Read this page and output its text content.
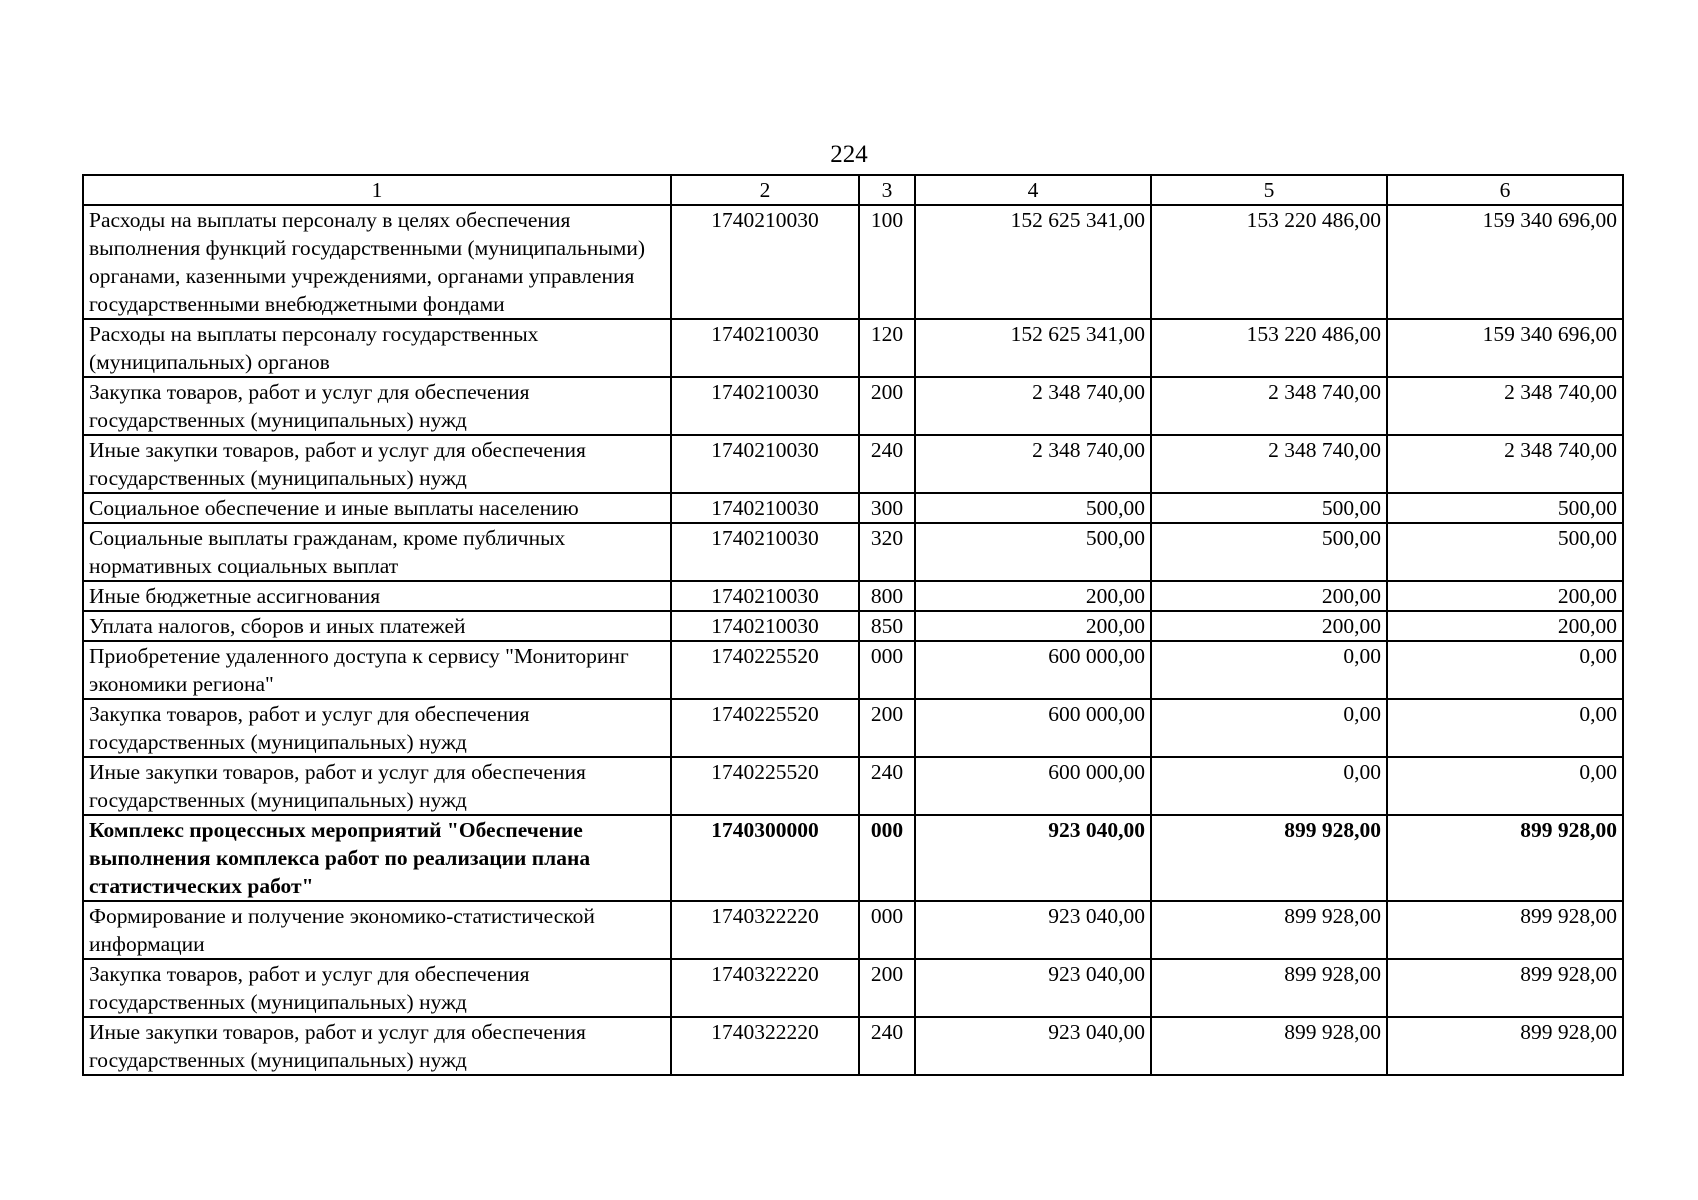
224
1	2	3	4	5	6
Расходы на выплаты персоналу в целях обеспечения выполнения функций государственными (муниципальными) органами, казенными учреждениями, органами управления государственными внебюджетными фондами	1740210030	100	152 625 341,00	153 220 486,00	159 340 696,00
Расходы на выплаты персоналу государственных (муниципальных) органов	1740210030	120	152 625 341,00	153 220 486,00	159 340 696,00
Закупка товаров, работ и услуг для обеспечения государственных (муниципальных) нужд	1740210030	200	2 348 740,00	2 348 740,00	2 348 740,00
Иные закупки товаров, работ и услуг для обеспечения государственных (муниципальных) нужд	1740210030	240	2 348 740,00	2 348 740,00	2 348 740,00
Социальное обеспечение и иные выплаты населению	1740210030	300	500,00	500,00	500,00
Социальные выплаты гражданам, кроме публичных нормативных социальных выплат	1740210030	320	500,00	500,00	500,00
Иные бюджетные ассигнования	1740210030	800	200,00	200,00	200,00
Уплата налогов, сборов и иных платежей	1740210030	850	200,00	200,00	200,00
Приобретение удаленного доступа к сервису "Мониторинг экономики региона"	1740225520	000	600 000,00	0,00	0,00
Закупка товаров, работ и услуг для обеспечения государственных (муниципальных) нужд	1740225520	200	600 000,00	0,00	0,00
Иные закупки товаров, работ и услуг для обеспечения государственных (муниципальных) нужд	1740225520	240	600 000,00	0,00	0,00
Комплекс процессных мероприятий "Обеспечение выполнения комплекса работ по реализации плана статистических работ"	1740300000	000	923 040,00	899 928,00	899 928,00
Формирование и получение экономико-статистической информации	1740322220	000	923 040,00	899 928,00	899 928,00
Закупка товаров, работ и услуг для обеспечения государственных (муниципальных) нужд	1740322220	200	923 040,00	899 928,00	899 928,00
Иные закупки товаров, работ и услуг для обеспечения государственных (муниципальных) нужд	1740322220	240	923 040,00	899 928,00	899 928,00
